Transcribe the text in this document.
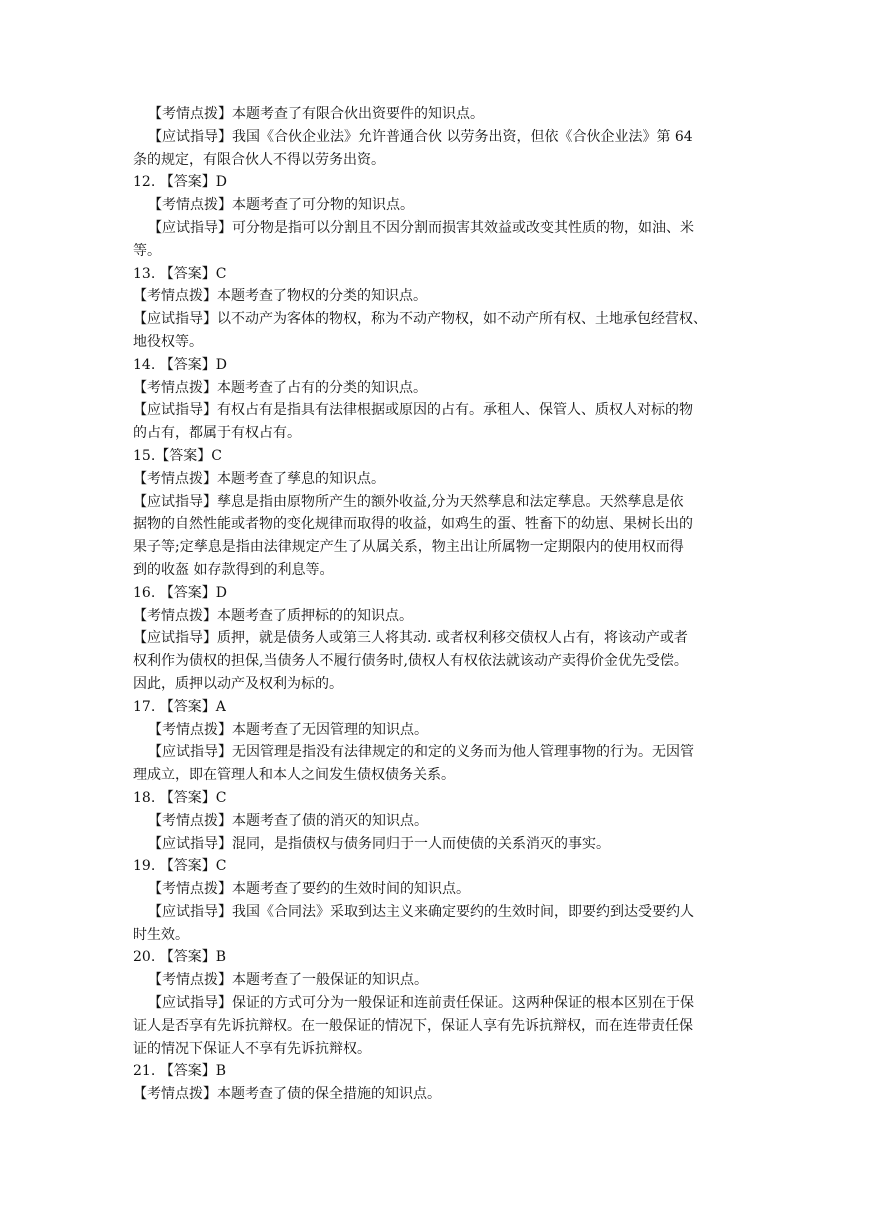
【考情点拨】本题考查了有限合伙出资要件的知识点。
【应试指导】我国《合伙企业法》允许普通合伙 以劳务出资，但依《合伙企业法》第 64
条的规定，有限合伙人不得以劳务出资。
12. 【答案】D
【考情点拨】本题考查了可分物的知识点。
【应试指导】可分物是指可以分割且不因分割而损害其效益或改变其性质的物，如油、米
等。
13. 【答案】C
【考情点拨】本题考查了物权的分类的知识点。
【应试指导】以不动产为客体的物权，称为不动产物权，如不动产所有权、土地承包经营权、
地役权等。
14. 【答案】D
【考情点拨】本题考查了占有的分类的知识点。
【应试指导】有权占有是指具有法律根据或原因的占有。承租人、保管人、质权人对标的物
的占有，都属于有权占有。
15.【答案】C
【考情点拨】本题考查了孳息的知识点。
【应试指导】孳息是指由原物所产生的额外收益,分为天然孳息和法定孳息。天然孳息是依
据物的自然性能或者物的变化规律而取得的收益，如鸡生的蛋、牲畜下的幼崽、果树长出的
果子等;定孳息是指由法律规定产生了从属关系，物主出让所属物一定期限内的使用权而得
到的收盔 如存款得到的利息等。
16. 【答案】D
【考情点拨】本题考查了质押标的的知识点。
【应试指导】质押，就是债务人或第三人将其动. 或者权利移交债权人占有，将该动产或者
权利作为债权的担保,当债务人不履行债务时,债权人有权依法就该动产卖得价金优先受偿。
因此，质押以动产及权利为标的。
17. 【答案】A
【考情点拨】本题考查了无因管理的知识点。
【应试指导】无因管理是指没有法律规定的和定的义务而为他人管理事物的行为。无因管
理成立，即在管理人和本人之间发生债权债务关系。
18. 【答案】C
【考情点拨】本题考查了债的消灭的知识点。
【应试指导】混同，是指债权与债务同归于一人而使债的关系消灭的事实。
19. 【答案】C
【考情点拨】本题考查了要约的生效时间的知识点。
【应试指导】我国《合同法》采取到达主义来确定要约的生效时间，即要约到达受要约人
时生效。
20. 【答案】B
【考情点拨】本题考查了一般保证的知识点。
【应试指导】保证的方式可分为一般保证和连前责任保证。这两种保证的根本区别在于保
证人是否享有先诉抗辩权。在一般保证的情况下，保证人享有先诉抗辩权，而在连带责任保
证的情况下保证人不享有先诉抗辩权。
21. 【答案】B
【考情点拨】本题考查了债的保全措施的知识点。
